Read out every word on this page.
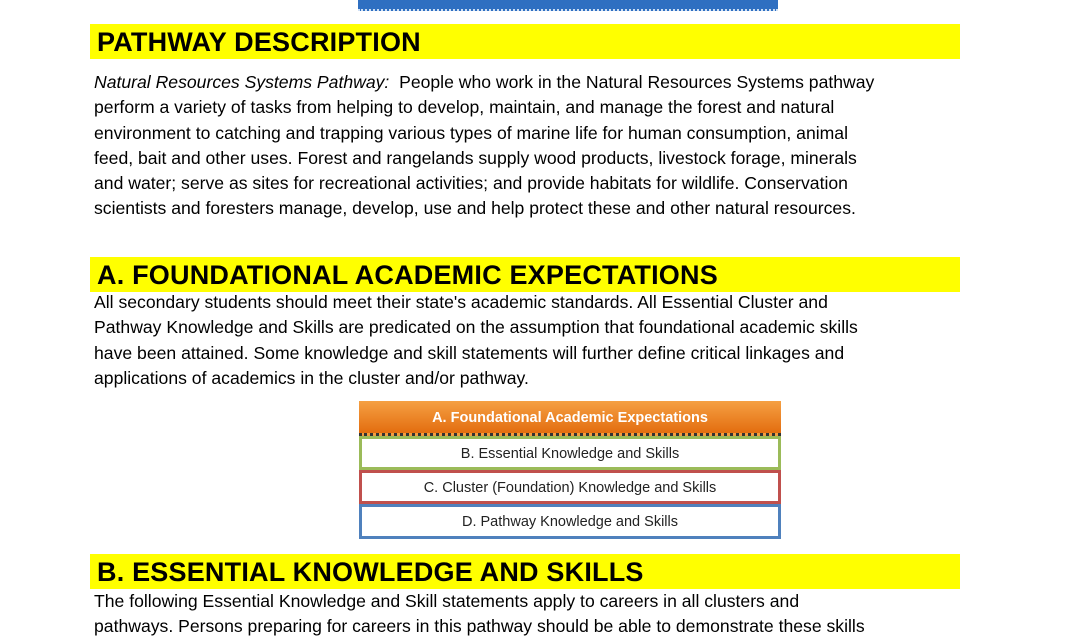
PATHWAY DESCRIPTION

Natural Resources Systems Pathway: People who work in the Natural Resources Systems pathway
perform a variety of tasks from helping to develop, maintain, and manage the forest and natural
environment to catching and trapping various types of marine life for human consumption, animal
feed, bait and other uses. Forest and rangelands supply wood products, livestock forage, minerals
and water; serve as sites for recreational activities; and provide habitats for wildlife. Conservation
scientists and foresters manage, develop, use and help protect these and other natural resources.

A. FOUNDATIONAL ACADEMIC EXPECTATIONS

All secondary students should meet their state's academic standards. All Essential Cluster and
Pathway Knowledge and Skills are predicated on the assumption that foundational academic skills
have been attained. Some knowledge and skill statements will further define critical linkages and
applications of academics in the cluster and/or pathway.

A. Foundational Academic Expectations
B. Essential Knowledge and Skills
C. Cluster (Foundation) Knowledge and Skills
D. Pathway Knowledge and Skills
B. ESSENTIAL KNOWLEDGE AND SKILLS

The following Essential Knowledge and Skill statements apply to careers in all clusters and
pathways. Persons preparing for careers in this pathway should be able to demonstrate these skills
